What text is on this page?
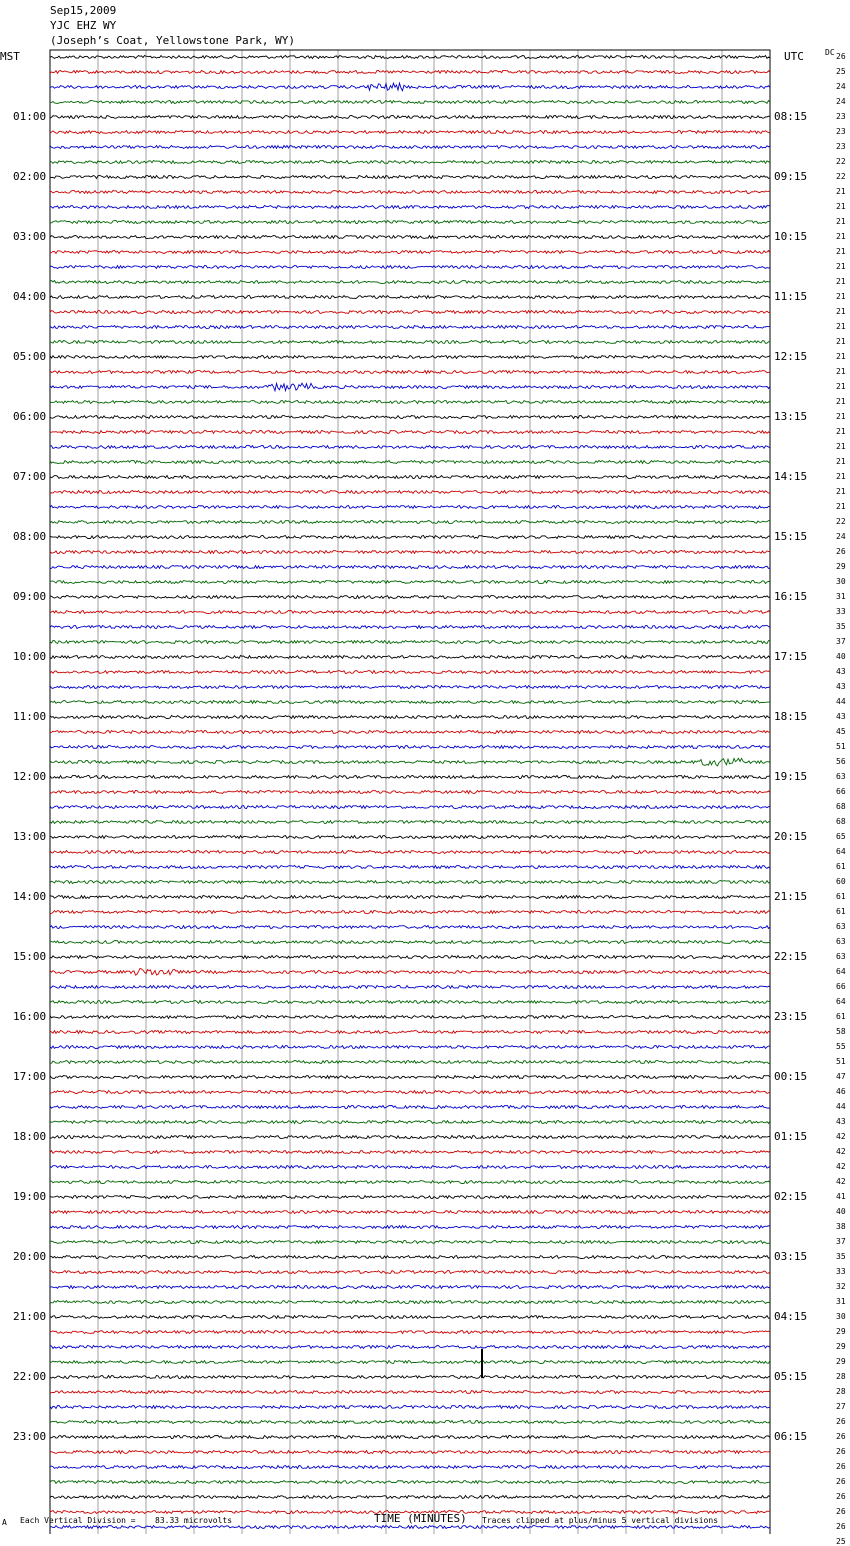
Sep15,2009
YJC EHZ WY
(Joseph’s Coat, Yellowstone Park, WY)
MST	UTC	DC
01:00
02:00
03:00
04:00
05:00
06:00
07:00
08:00
09:00
10:00
11:00
12:00
13:00
14:00
15:00
16:00
17:00
18:00
19:00
20:00
21:00
22:00
23:00
08:15
09:15
10:15
11:15
12:15
13:15
14:15
15:15
16:15
17:15
18:15
19:15
20:15
21:15
22:15
23:15
00:15
01:15
02:15
03:15
04:15
05:15
06:15
26
25
24
24
23
23
23
22
22
21
21
21
21
21
21
21
21
21
21
21
21
21
21
21
21
21
21
21
21
21
21
22
24
26
29
30
31
33
35
37
40
43
43
44
43
45
51
56
63
66
68
68
65
64
61
60
61
61
63
63
63
64
66
64
61
58
55
51
47
46
44
43
42
42
42
42
41
40
38
37
35
33
32
31
30
29
29
29
28
28
27
26
26
26
26
26
26
26
26
25
TIME (MINUTES)
A Each Vertical Division = 83.33 microvolts	Traces clipped at plus/minus 5 vertical divisions
